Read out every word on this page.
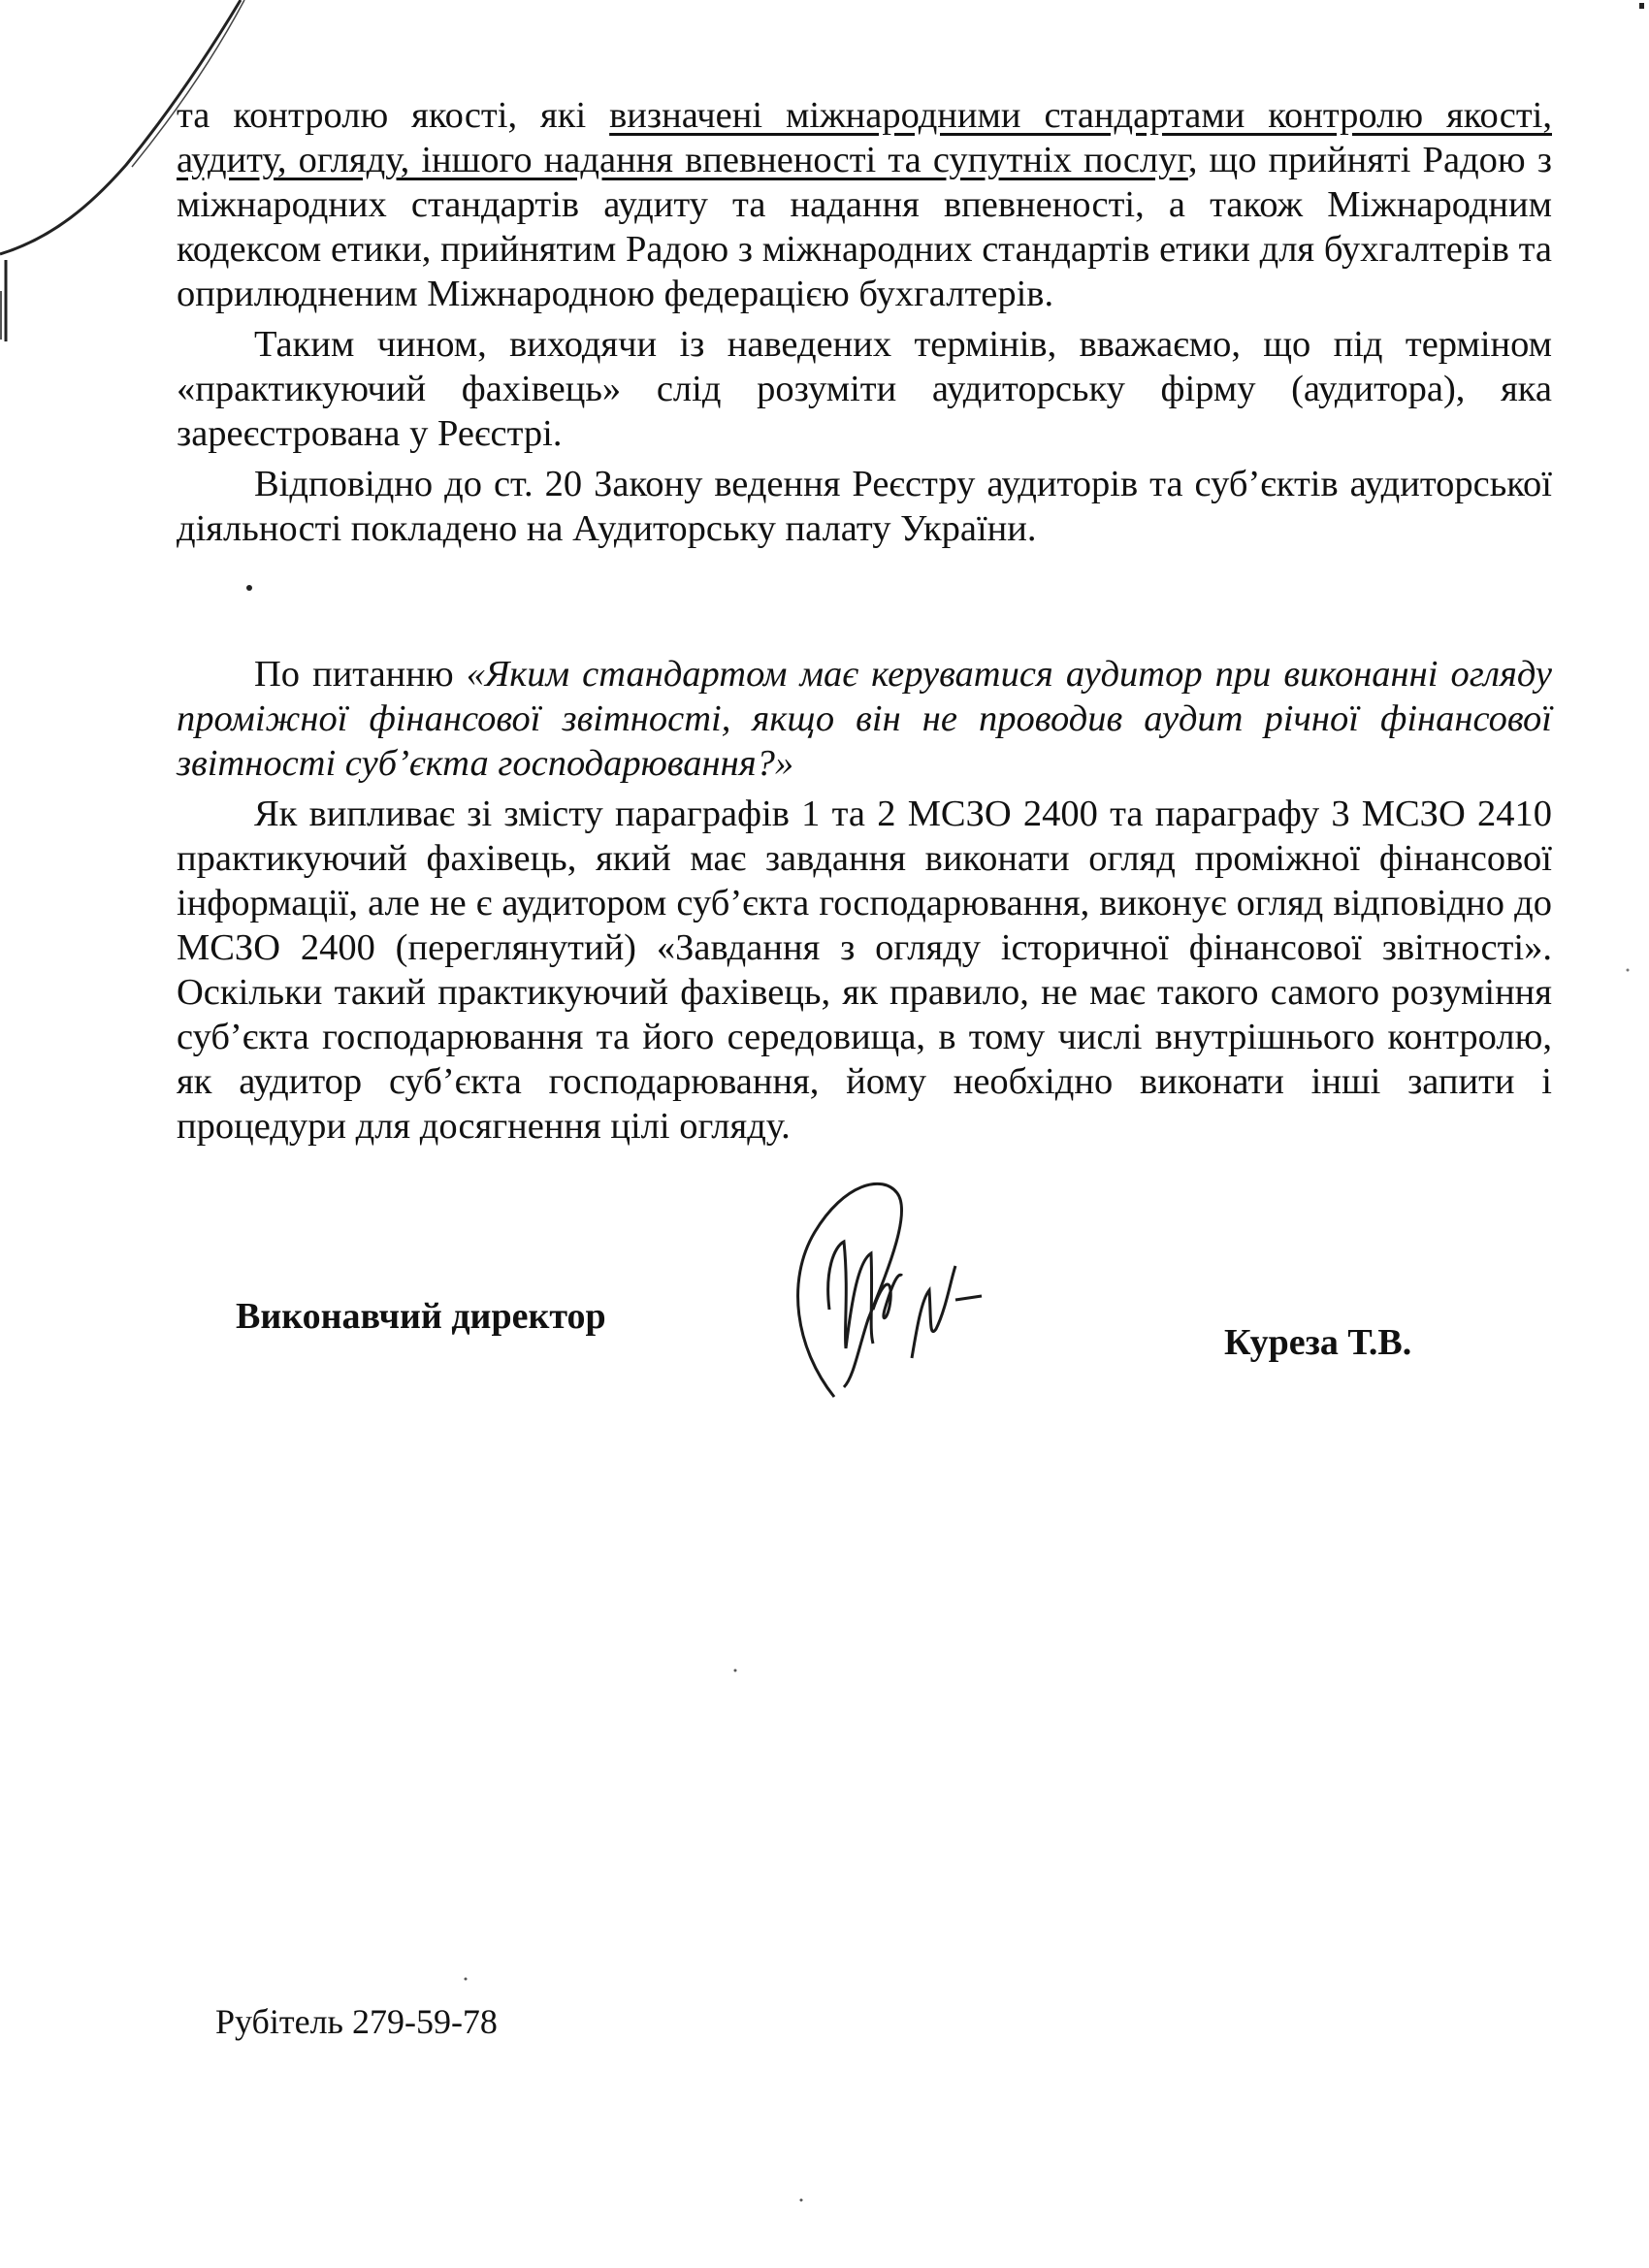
та контролю якості, які визначені міжнародними стандартами контролю якості, аудиту, огляду, іншого надання впевненості та супутніх послуг, що прийняті Радою з міжнародних стандартів аудиту та надання впевненості, а також Міжнародним кодексом етики, прийнятим Радою з міжнародних стандартів етики для бухгалтерів та оприлюдненим Міжнародною федерацією бухгалтерів.

Таким чином, виходячи із наведених термінів, вважаємо, що під терміном «практикуючий фахівець» слід розуміти аудиторську фірму (аудитора), яка зареєстрована у Реєстрі.

Відповідно до ст. 20 Закону ведення Реєстру аудиторів та суб’єктів аудиторської діяльності покладено на Аудиторську палату України.

По питанню «Яким стандартом має керуватися аудитор при виконанні огляду проміжної фінансової звітності, якщо він не проводив аудит річної фінансової звітності суб’єкта господарювання?»

Як випливає зі змісту параграфів 1 та 2 МСЗО 2400 та параграфу 3 МСЗО 2410 практикуючий фахівець, який має завдання виконати огляд проміжної фінансової інформації, але не є аудитором суб’єкта господарювання, виконує огляд відповідно до МСЗО 2400 (переглянутий) «Завдання з огляду історичної фінансової звітності». Оскільки такий практикуючий фахівець, як правило, не має такого самого розуміння суб’єкта господарювання та його середовища, в тому числі внутрішнього контролю, як аудитор суб’єкта господарювання, йому необхідно виконати інші запити і процедури для досягнення цілі огляду.

Виконавчий директор
Куреза Т.В.
Рубітель 279-59-78
